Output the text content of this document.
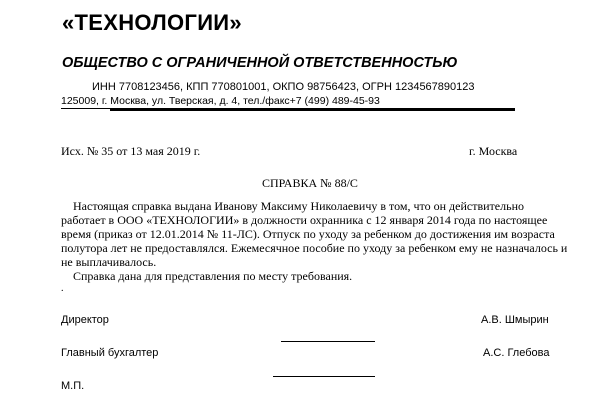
«ТЕХНОЛОГИИ»
ОБЩЕСТВО С ОГРАНИЧЕННОЙ ОТВЕТСТВЕННОСТЬЮ
ИНН 7708123456, КПП 770801001, ОКПО 98756423, ОГРН 1234567890123
125009, г. Москва, ул. Тверская, д. 4, тел./факс+7 (499) 489-45-93
Исх. № 35 от 13 мая 2019 г.	г. Москва
СПРАВКА № 88/С
Настоящая справка выдана Иванову Максиму Николаевичу в том, что он действительно
работает в ООО «ТЕХНОЛОГИИ» в должности охранника с 12 января 2014 года по настоящее
время (приказ от 12.01.2014 № 11-ЛС). Отпуск по уходу за ребенком до достижения им возраста
полутора лет не предоставлялся. Ежемесячное пособие по уходу за ребенком ему не назначалось и
не выплачивалось.
Справка дана для представления по месту требования.
.
Директор	А.В. Шмырин
Главный бухгалтер	А.С. Глебова
М.П.
